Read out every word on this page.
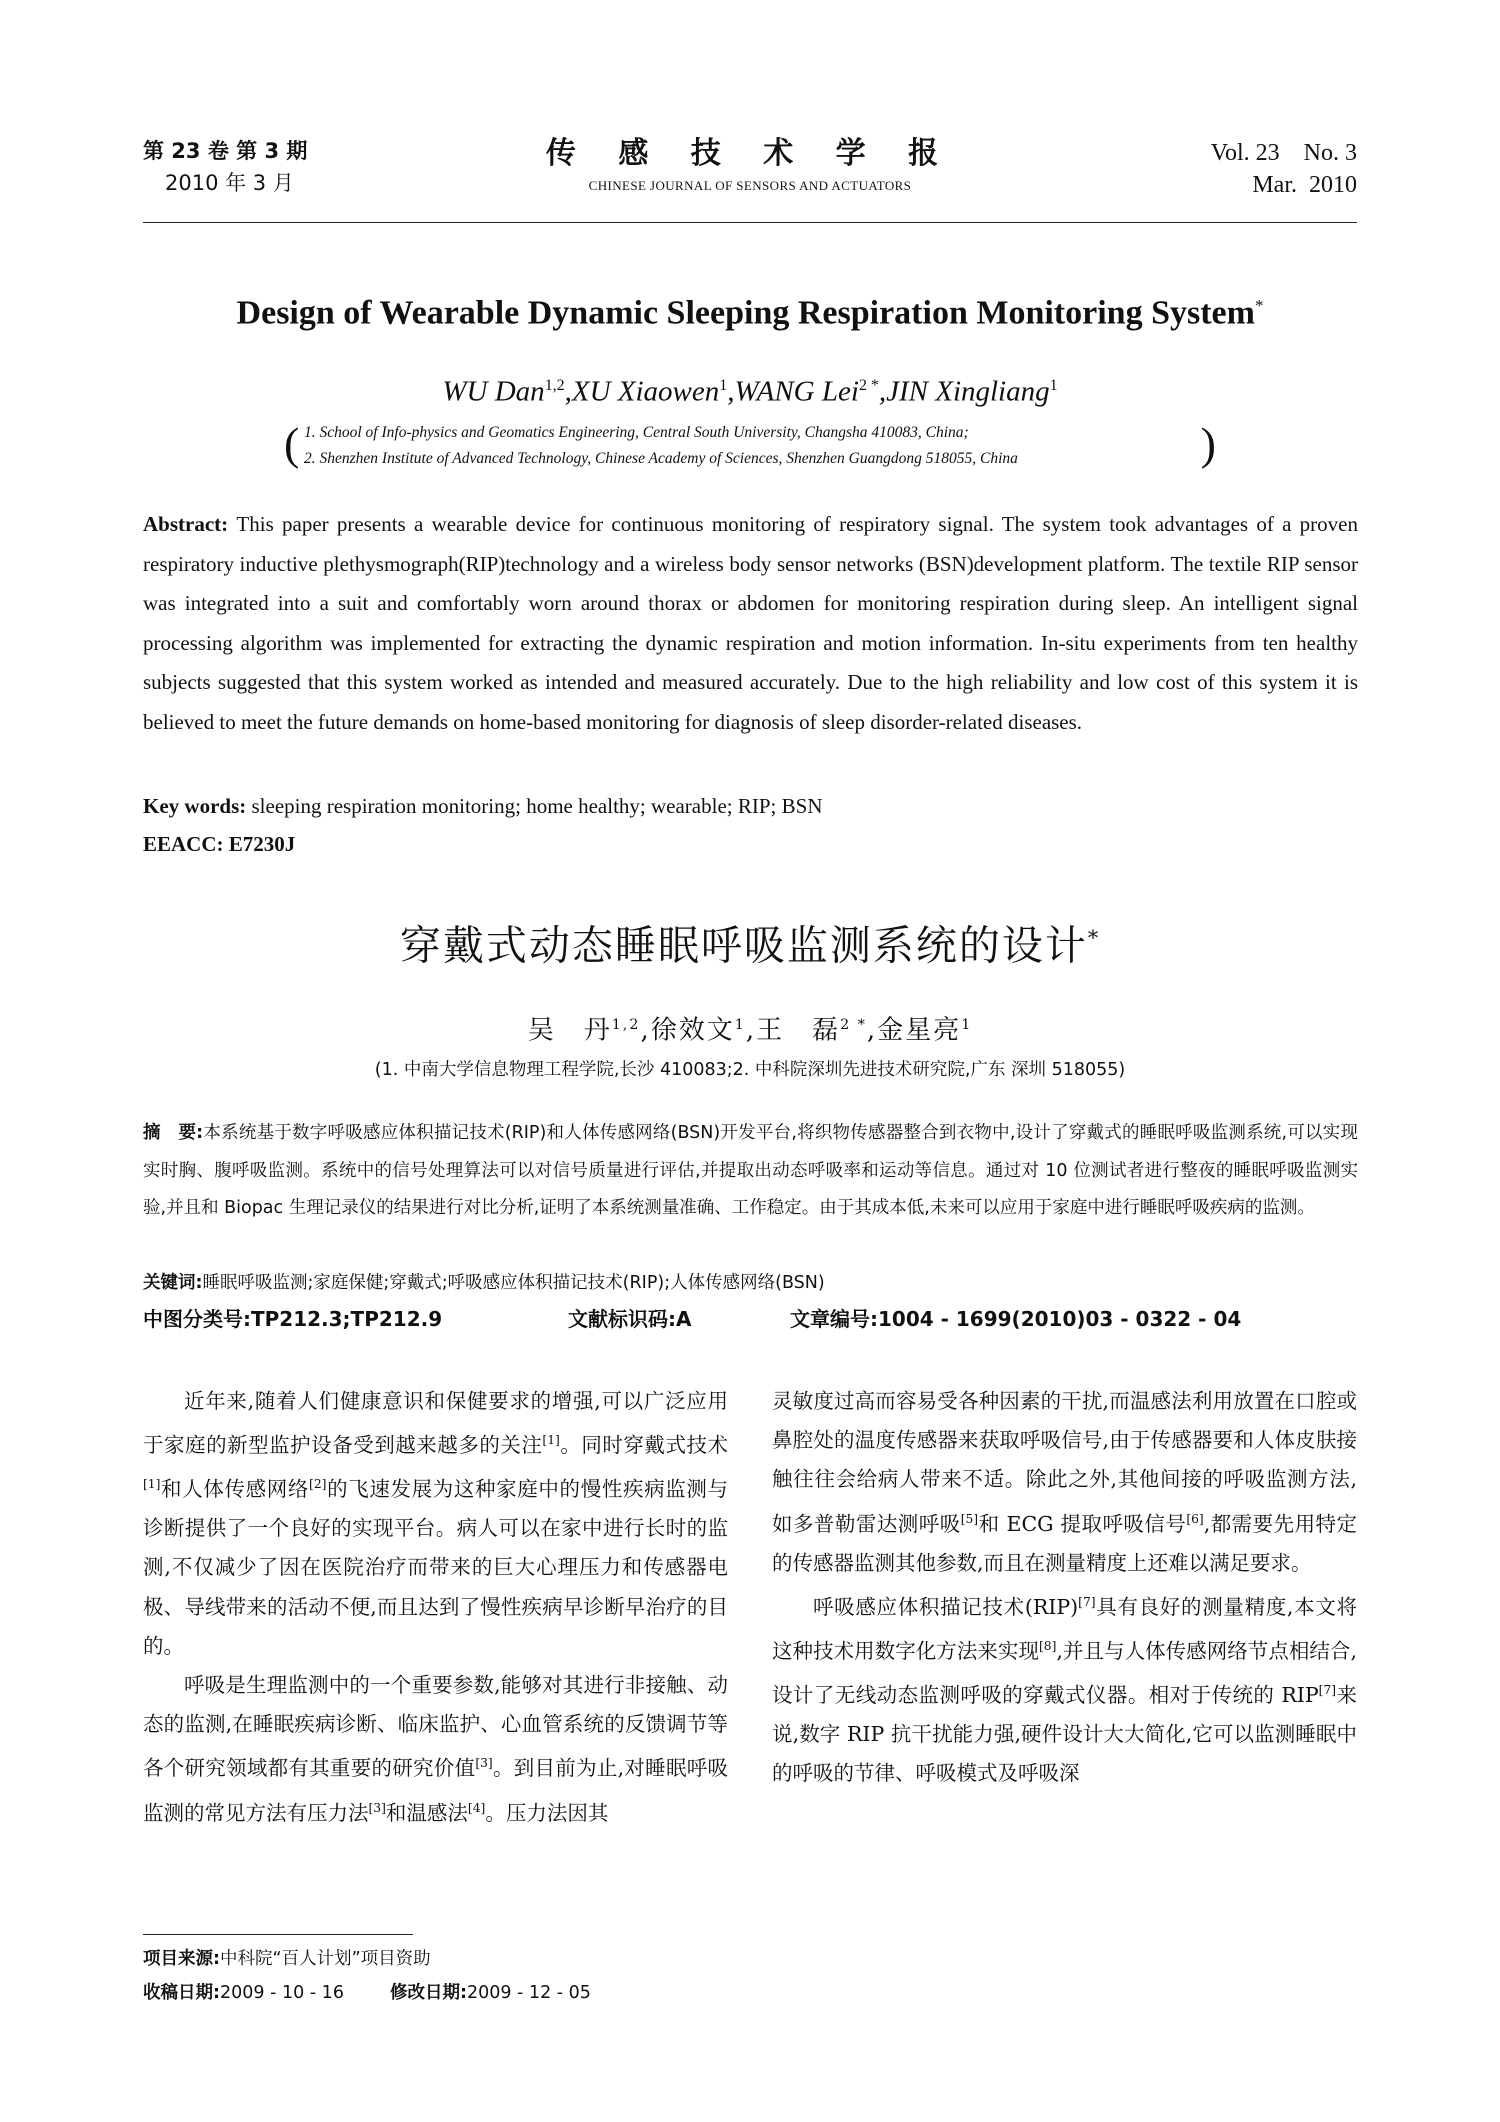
第 23 卷 第 3 期
2010 年 3 月
传 感 技 术 学 报
CHINESE JOURNAL OF SENSORS AND ACTUATORS
Vol. 23    No. 3
Mar.  2010
Design of Wearable Dynamic Sleeping Respiration Monitoring System*
WU Dan$^{1,2}$,XU Xiaowen$^1$,WANG Lei$^{2 *}$,JIN Xingliang$^1$
( 1. School of Info-physics and Geomatics Engineering, Central South University, Changsha 410083, China;
2. Shenzhen Institute of Advanced Technology, Chinese Academy of Sciences, Shenzhen Guangdong 518055, China	)
Abstract: This paper presents a wearable device for continuous monitoring of respiratory signal. The system took advantages of a proven respiratory inductive plethysmograph(RIP)technology and a wireless body sensor networks (BSN)development platform. The textile RIP sensor was integrated into a suit and comfortably worn around thorax or abdomen for monitoring respiration during sleep. An intelligent signal processing algorithm was implemented for extracting the dynamic respiration and motion information. In-situ experiments from ten healthy subjects suggested that this system worked as intended and measured accurately. Due to the high reliability and low cost of this system it is believed to meet the future demands on home-based monitoring for diagnosis of sleep disorder-related diseases.
Key words: sleeping respiration monitoring; home healthy; wearable; RIP; BSN
EEACC: E7230J
穿戴式动态睡眠呼吸监测系统的设计*
吴　丹$^{1,2}$,徐效文$^1$,王　磊$^{2 *}$,金星亮$^1$
(1. 中南大学信息物理工程学院,长沙 410083;2. 中科院深圳先进技术研究院,广东 深圳 518055)
摘　要:本系统基于数字呼吸感应体积描记技术(RIP)和人体传感网络(BSN)开发平台,将织物传感器整合到衣物中,设计了穿戴式的睡眠呼吸监测系统,可以实现实时胸、腹呼吸监测。系统中的信号处理算法可以对信号质量进行评估,并提取出动态呼吸率和运动等信息。通过对 10 位测试者进行整夜的睡眠呼吸监测实验,并且和 Biopac 生理记录仪的结果进行对比分析,证明了本系统测量准确、工作稳定。由于其成本低,未来可以应用于家庭中进行睡眠呼吸疾病的监测。
关键词:睡眠呼吸监测;家庭保健;穿戴式;呼吸感应体积描记技术(RIP);人体传感网络(BSN)
中图分类号:TP212.3;TP212.9	文献标识码:A	文章编号:1004 - 1699(2010)03 - 0322 - 04

近年来,随着人们健康意识和保健要求的增强,可以广泛应用于家庭的新型监护设备受到越来越多的关注[1]。同时穿戴式技术[1]和人体传感网络[2]的飞速发展为这种家庭中的慢性疾病监测与诊断提供了一个良好的实现平台。病人可以在家中进行长时的监测,不仅减少了因在医院治疗而带来的巨大心理压力和传感器电极、导线带来的活动不便,而且达到了慢性疾病早诊断早治疗的目的。

呼吸是生理监测中的一个重要参数,能够对其进行非接触、动态的监测,在睡眠疾病诊断、临床监护、心血管系统的反馈调节等各个研究领域都有其重要的研究价值[3]。到目前为止,对睡眠呼吸监测的常见方法有压力法[3]和温感法[4]。压力法因其

灵敏度过高而容易受各种因素的干扰,而温感法利用放置在口腔或鼻腔处的温度传感器来获取呼吸信号,由于传感器要和人体皮肤接触往往会给病人带来不适。除此之外,其他间接的呼吸监测方法,如多普勒雷达测呼吸[5]和 ECG 提取呼吸信号[6],都需要先用特定的传感器监测其他参数,而且在测量精度上还难以满足要求。

呼吸感应体积描记技术(RIP)[7]具有良好的测量精度,本文将这种技术用数字化方法来实现[8],并且与人体传感网络节点相结合,设计了无线动态监测呼吸的穿戴式仪器。相对于传统的 RIP[7]来说,数字 RIP 抗干扰能力强,硬件设计大大简化,它可以监测睡眠中的呼吸的节律、呼吸模式及呼吸深

项目来源:中科院“百人计划”项目资助
收稿日期:2009 - 10 - 16	修改日期:2009 - 12 - 05
